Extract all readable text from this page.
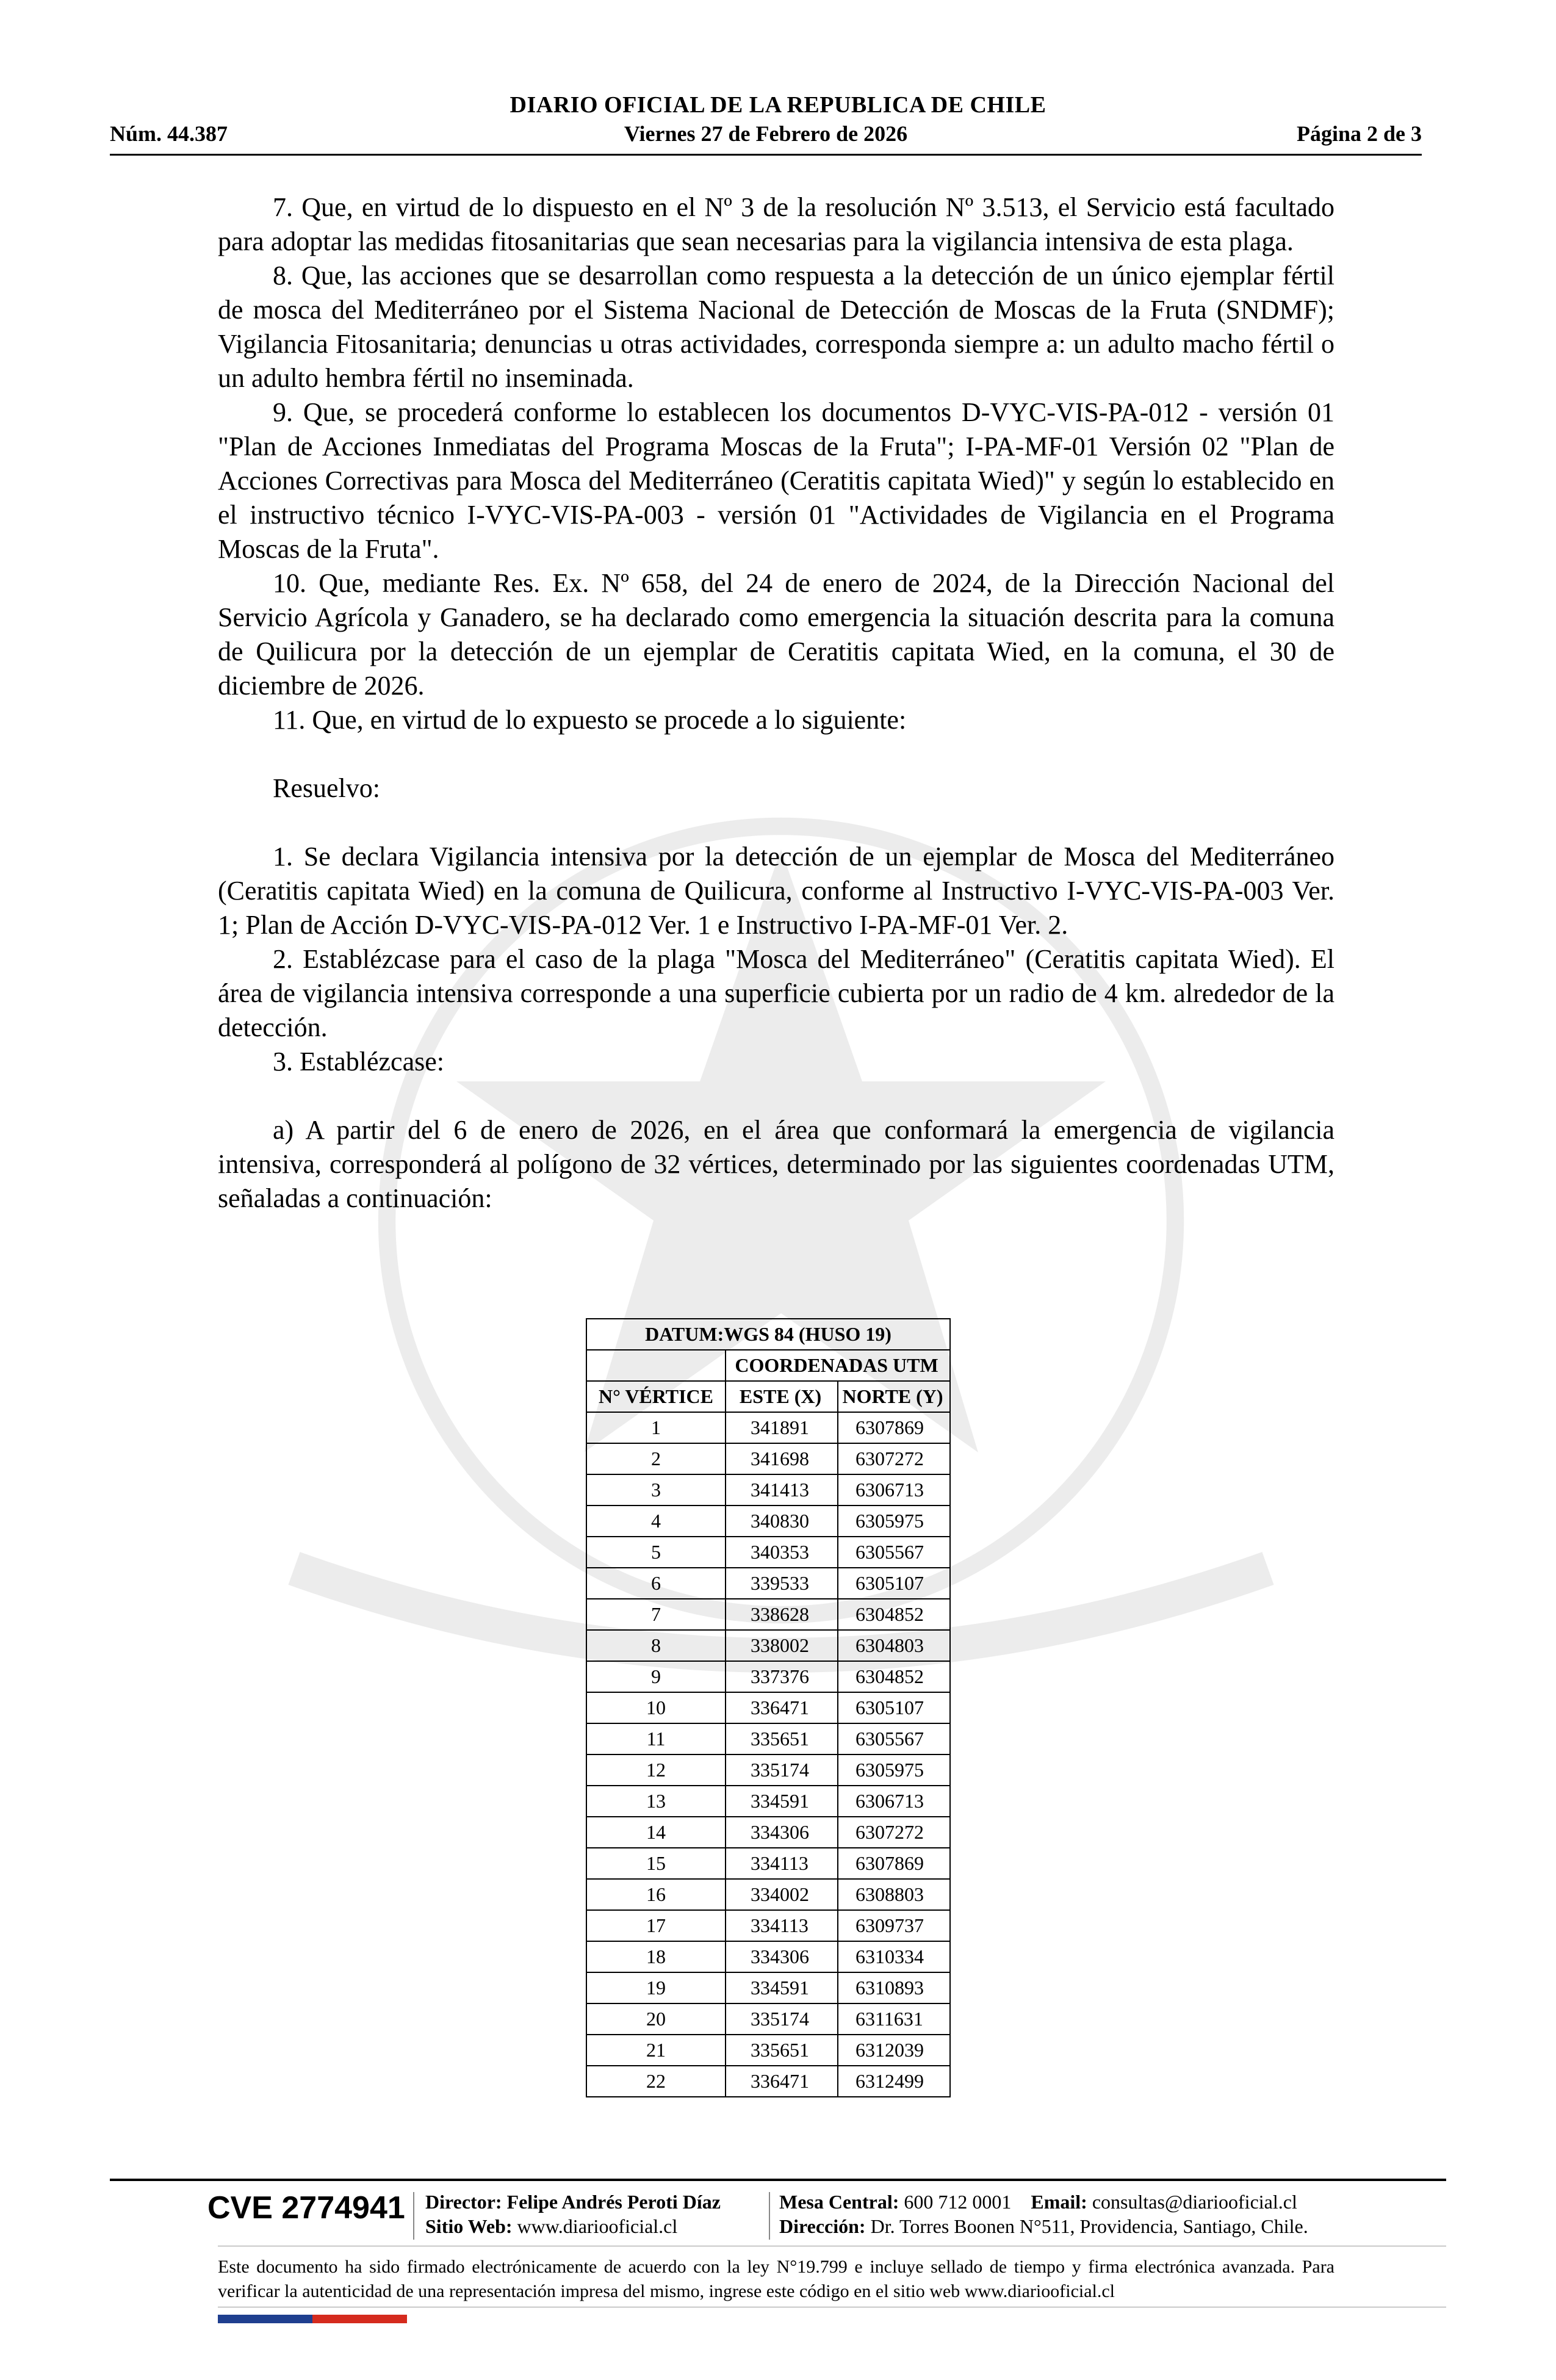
DIARIO OFICIAL DE LA REPUBLICA DE CHILE
Núm. 44.387	Viernes 27 de Febrero de 2026	Página 2 de 3

7. Que, en virtud de lo dispuesto en el Nº 3 de la resolución Nº 3.513, el Servicio está facultado para adoptar las medidas fitosanitarias que sean necesarias para la vigilancia intensiva de esta plaga.

8. Que, las acciones que se desarrollan como respuesta a la detección de un único ejemplar fértil de mosca del Mediterráneo por el Sistema Nacional de Detección de Moscas de la Fruta (SNDMF); Vigilancia Fitosanitaria; denuncias u otras actividades, corresponda siempre a: un adulto macho fértil o un adulto hembra fértil no inseminada.

9. Que, se procederá conforme lo establecen los documentos D-VYC-VIS-PA-012 - versión 01 "Plan de Acciones Inmediatas del Programa Moscas de la Fruta"; I-PA-MF-01 Versión 02 "Plan de Acciones Correctivas para Mosca del Mediterráneo (Ceratitis capitata Wied)" y según lo establecido en el instructivo técnico I-VYC-VIS-PA-003 - versión 01 "Actividades de Vigilancia en el Programa Moscas de la Fruta".

10. Que, mediante Res. Ex. Nº 658, del 24 de enero de 2024, de la Dirección Nacional del Servicio Agrícola y Ganadero, se ha declarado como emergencia la situación descrita para la comuna de Quilicura por la detección de un ejemplar de Ceratitis capitata Wied, en la comuna, el 30 de diciembre de 2026.

11. Que, en virtud de lo expuesto se procede a lo siguiente:

Resuelvo:

1. Se declara Vigilancia intensiva por la detección de un ejemplar de Mosca del Mediterráneo (Ceratitis capitata Wied) en la comuna de Quilicura, conforme al Instructivo I-VYC-VIS-PA-003 Ver. 1; Plan de Acción D-VYC-VIS-PA-012 Ver. 1 e Instructivo I-PA-MF-01 Ver. 2.

2. Establézcase para el caso de la plaga "Mosca del Mediterráneo" (Ceratitis capitata Wied). El área de vigilancia intensiva corresponde a una superficie cubierta por un radio de 4 km. alrededor de la detección.

3. Establézcase:

a) A partir del 6 de enero de 2026, en el área que conformará la emergencia de vigilancia intensiva, corresponderá al polígono de 32 vértices, determinado por las siguientes coordenadas UTM, señaladas a continuación:

DATUM:WGS 84 (HUSO 19)		
	COORDENADAS UTM	
N° VÉRTICE	ESTE (X)	NORTE (Y)
1	341891	6307869
2	341698	6307272
3	341413	6306713
4	340830	6305975
5	340353	6305567
6	339533	6305107
7	338628	6304852
8	338002	6304803
9	337376	6304852
10	336471	6305107
11	335651	6305567
12	335174	6305975
13	334591	6306713
14	334306	6307272
15	334113	6307869
16	334002	6308803
17	334113	6309737
18	334306	6310334
19	334591	6310893
20	335174	6311631
21	335651	6312039
22	336471	6312499
CVE 2774941 Director: Felipe Andrés Peroti Díaz
Sitio Web: www.diariooficial.cl
Mesa Central: 600 712 0001 Email: consultas@diariooficial.cl
Dirección: Dr. Torres Boonen N°511, Providencia, Santiago, Chile.
Este documento ha sido firmado electrónicamente de acuerdo con la ley N°19.799 e incluye sellado de tiempo y firma electrónica avanzada. Para verificar la autenticidad de una representación impresa del mismo, ingrese este código en el sitio web www.diariooficial.cl
